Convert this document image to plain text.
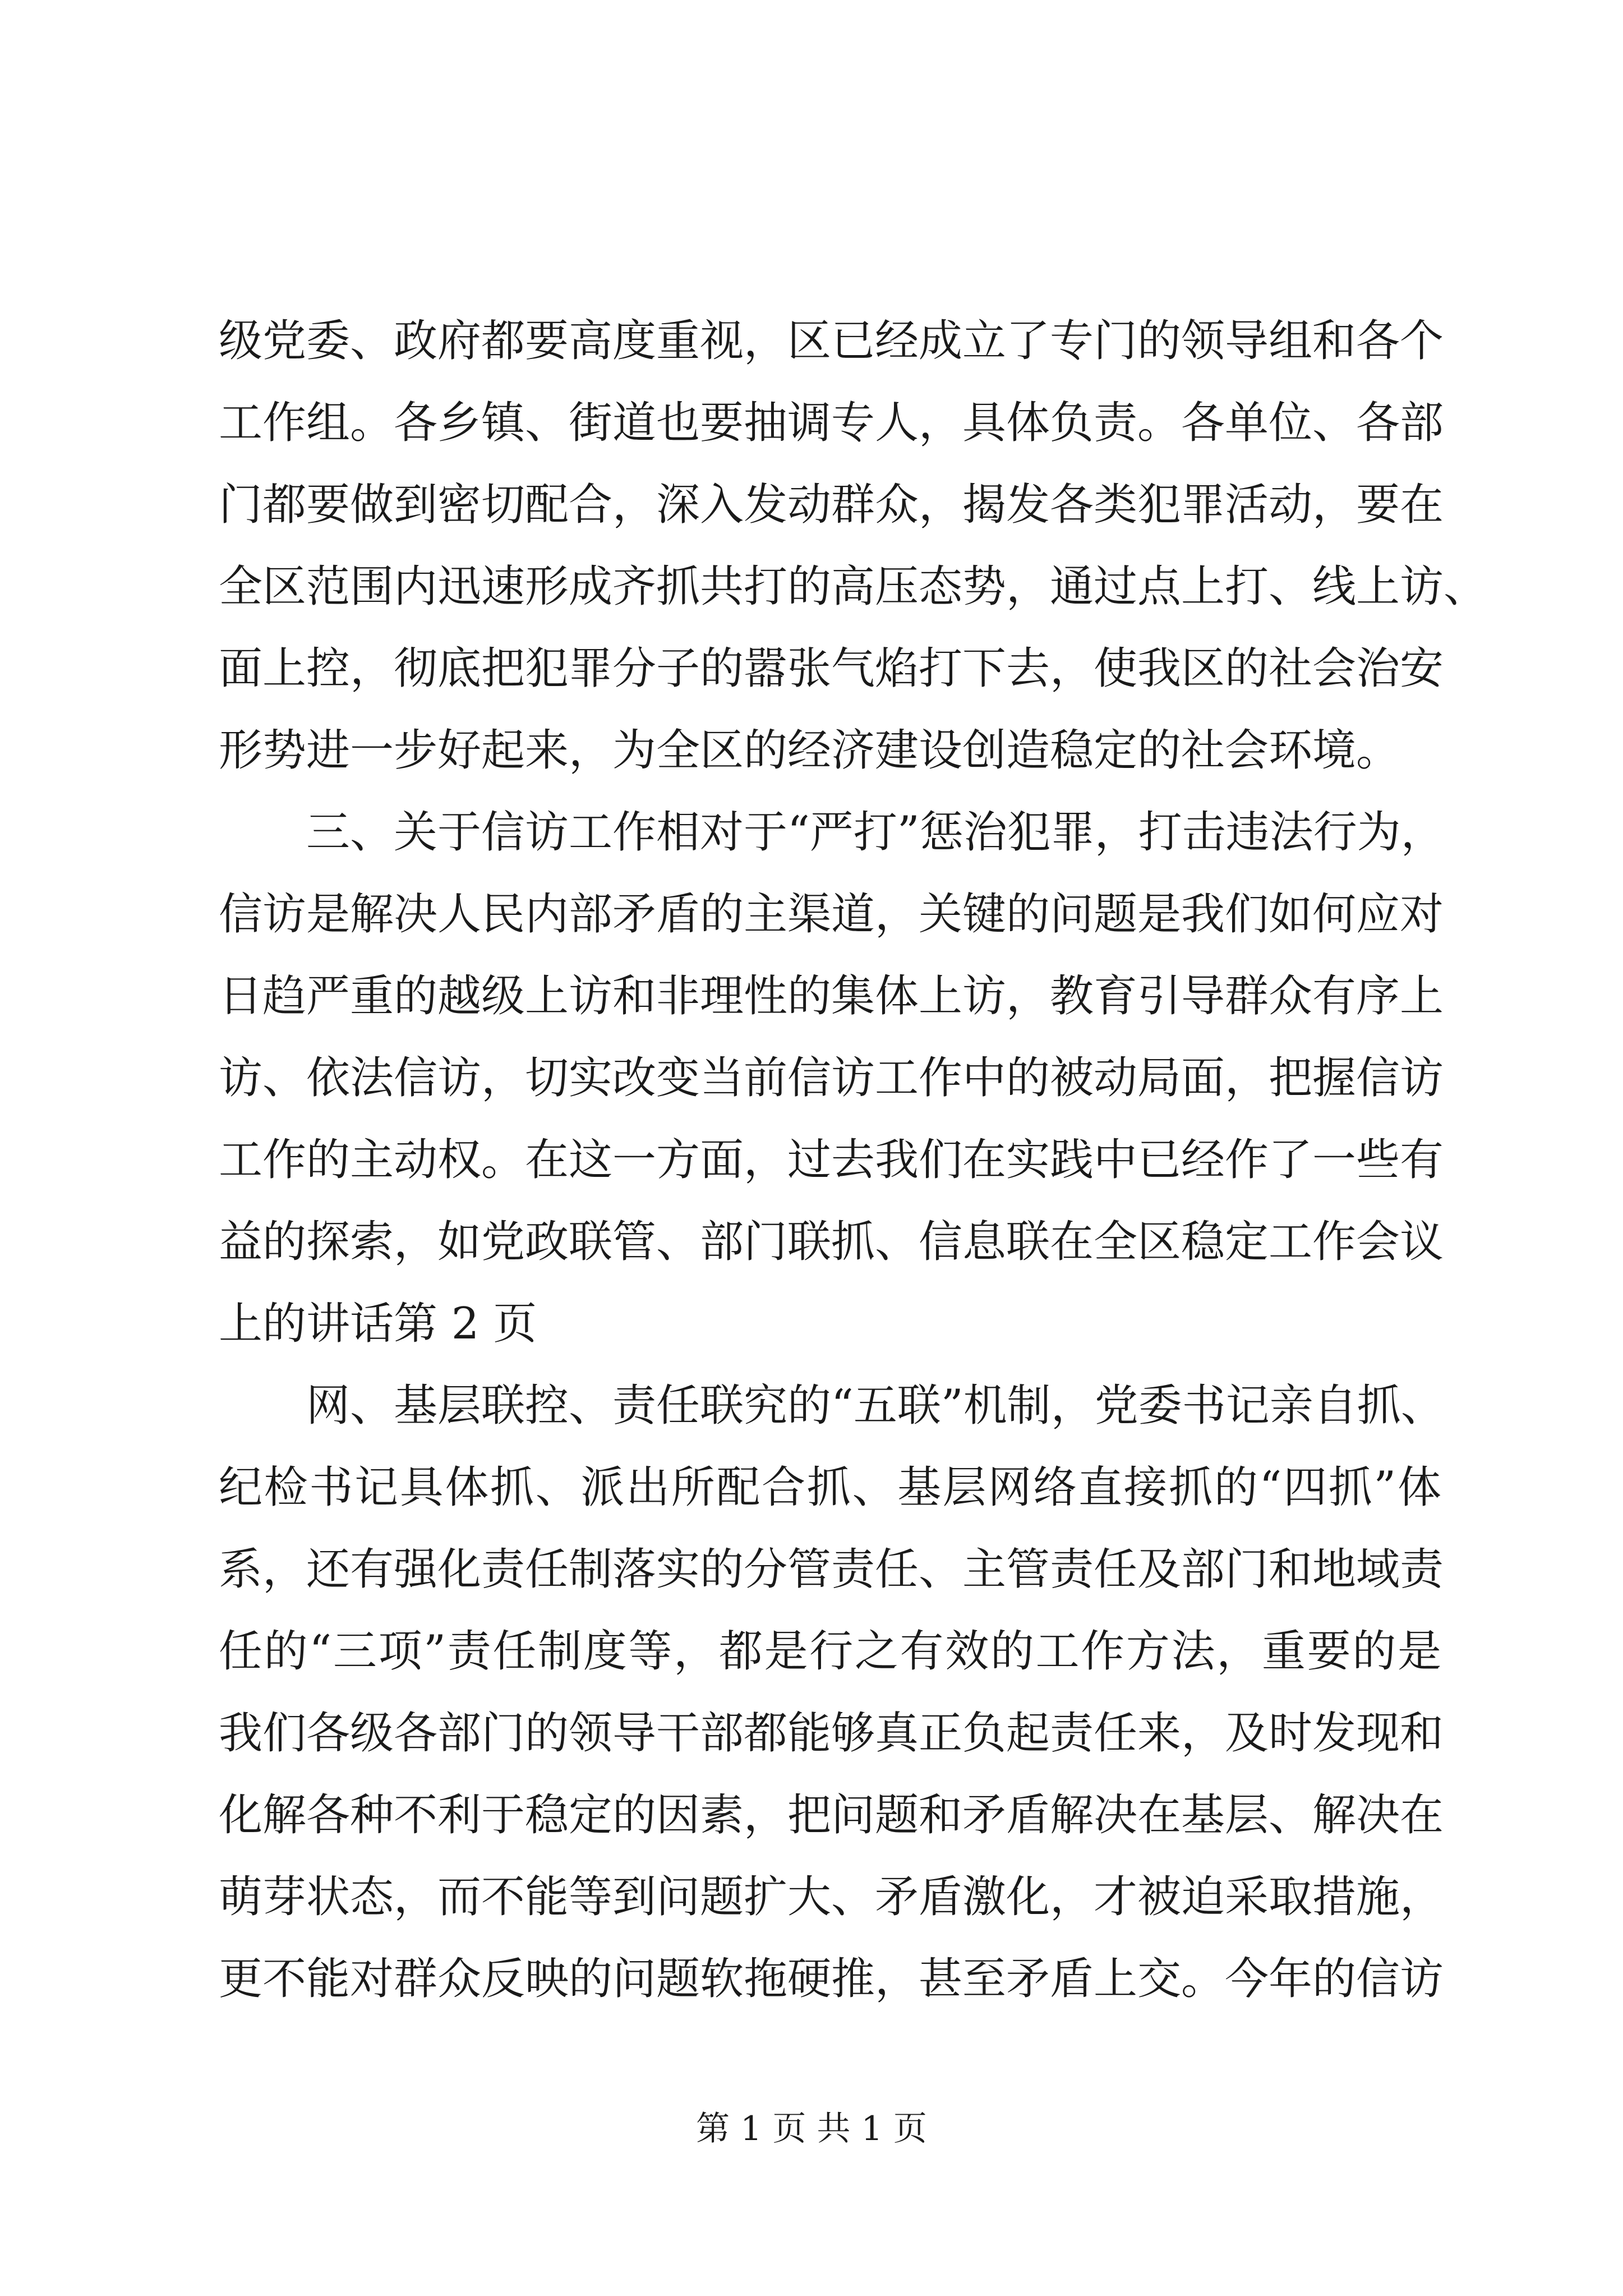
级党委、政府都要高度重视，区已经成立了专门的领导组和各个
工作组。各乡镇、街道也要抽调专人，具体负责。各单位、各部
门都要做到密切配合，深入发动群众，揭发各类犯罪活动，要在
全区范围内迅速形成齐抓共打的高压态势，通过点上打、线上访、
面上控，彻底把犯罪分子的嚣张气焰打下去，使我区的社会治安
形势进一步好起来，为全区的经济建设创造稳定的社会环境。
　　三、关于信访工作相对于“严打”惩治犯罪，打击违法行为，
信访是解决人民内部矛盾的主渠道，关键的问题是我们如何应对
日趋严重的越级上访和非理性的集体上访，教育引导群众有序上
访、依法信访，切实改变当前信访工作中的被动局面，把握信访
工作的主动权。在这一方面，过去我们在实践中已经作了一些有
益的探索，如党政联管、部门联抓、信息联在全区稳定工作会议
上的讲话第 2 页
　　网、基层联控、责任联究的“五联”机制，党委书记亲自抓、
纪检书记具体抓、派出所配合抓、基层网络直接抓的“四抓”体
系，还有强化责任制落实的分管责任、主管责任及部门和地域责
任的“三项”责任制度等，都是行之有效的工作方法，重要的是
我们各级各部门的领导干部都能够真正负起责任来，及时发现和
化解各种不利于稳定的因素，把问题和矛盾解决在基层、解决在
萌芽状态，而不能等到问题扩大、矛盾激化，才被迫采取措施，
更不能对群众反映的问题软拖硬推，甚至矛盾上交。今年的信访
第 1 页 共 1 页
